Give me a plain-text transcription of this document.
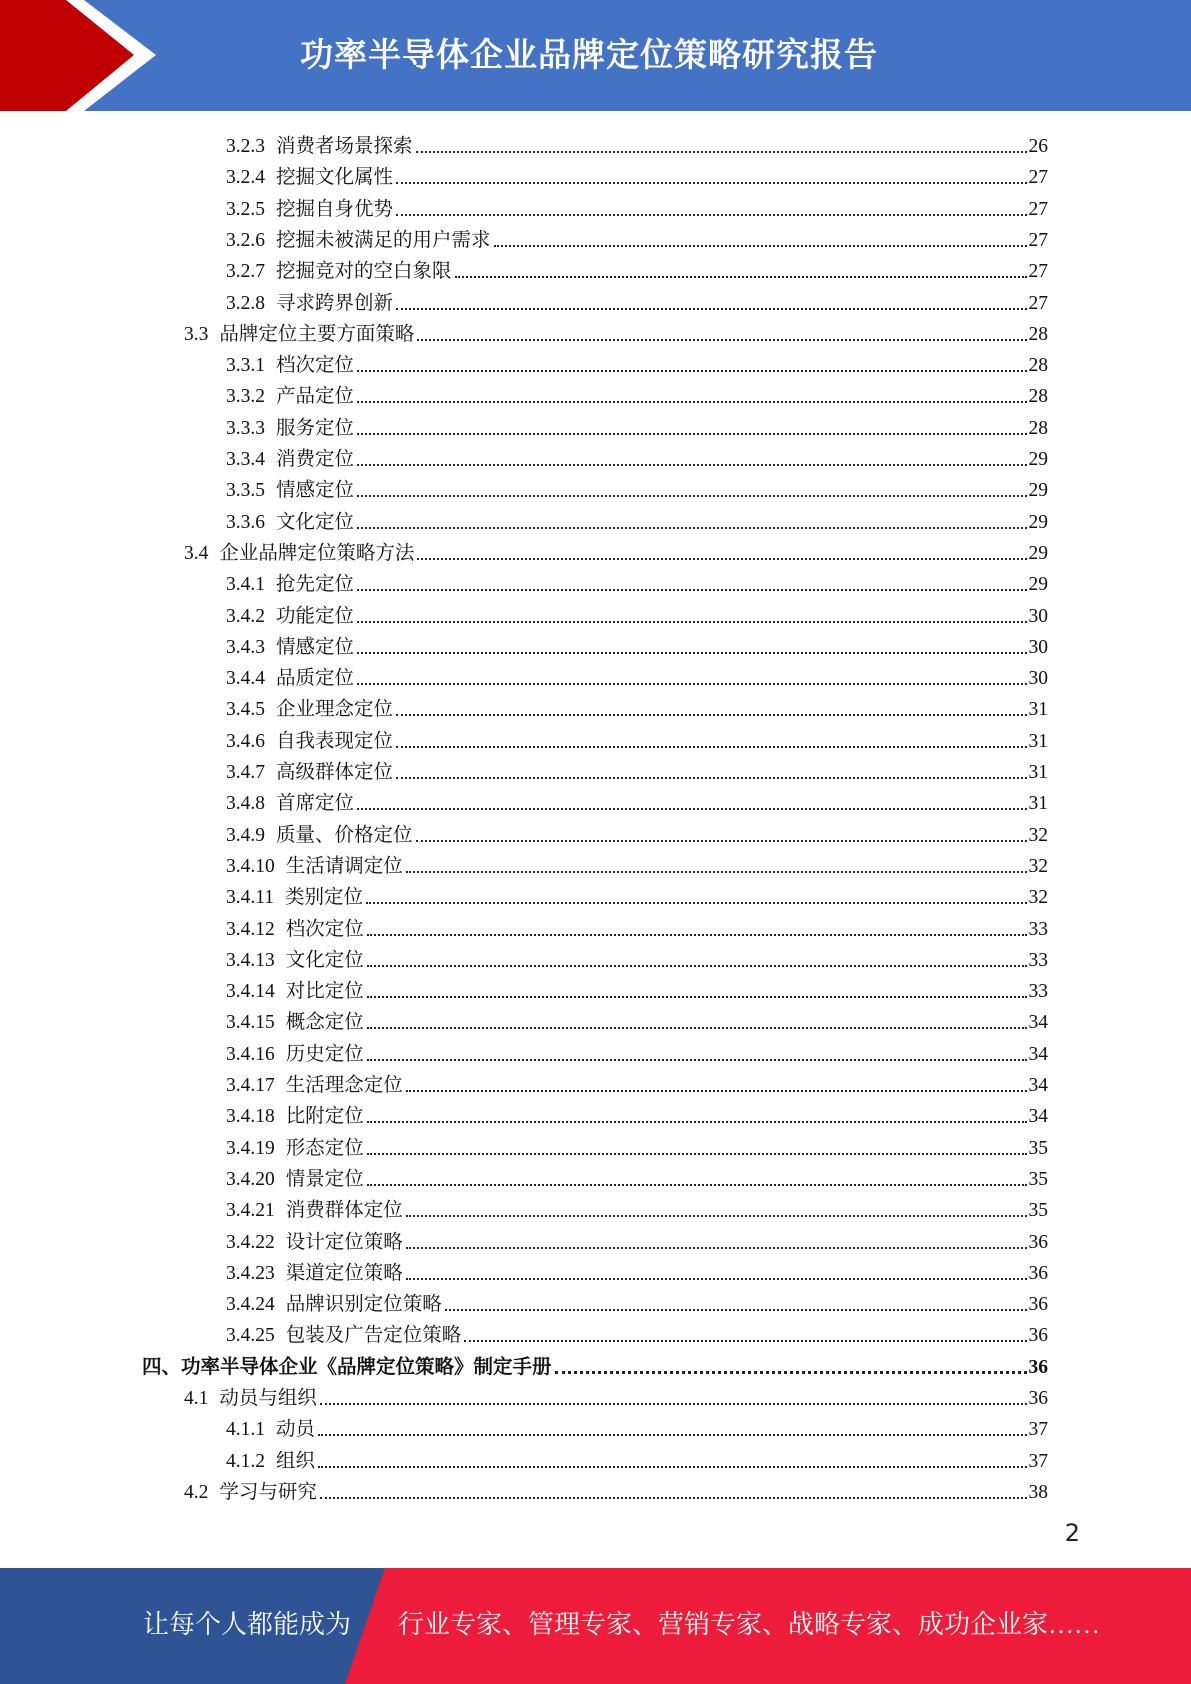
功率半导体企业品牌定位策略研究报告
3.2.3 消费者场景探索	26
3.2.4 挖掘文化属性	27
3.2.5 挖掘自身优势	27
3.2.6 挖掘未被满足的用户需求	27
3.2.7 挖掘竞对的空白象限	27
3.2.8 寻求跨界创新	27
3.3 品牌定位主要方面策略	28
3.3.1 档次定位	28
3.3.2 产品定位	28
3.3.3 服务定位	28
3.3.4 消费定位	29
3.3.5 情感定位	29
3.3.6 文化定位	29
3.4 企业品牌定位策略方法	29
3.4.1 抢先定位	29
3.4.2 功能定位	30
3.4.3 情感定位	30
3.4.4 品质定位	30
3.4.5 企业理念定位	31
3.4.6 自我表现定位	31
3.4.7 高级群体定位	31
3.4.8 首席定位	31
3.4.9 质量、价格定位	32
3.4.10 生活请调定位	32
3.4.11 类别定位	32
3.4.12 档次定位	33
3.4.13 文化定位	33
3.4.14 对比定位	33
3.4.15 概念定位	34
3.4.16 历史定位	34
3.4.17 生活理念定位	34
3.4.18 比附定位	34
3.4.19 形态定位	35
3.4.20 情景定位	35
3.4.21 消费群体定位	35
3.4.22 设计定位策略	36
3.4.23 渠道定位策略	36
3.4.24 品牌识别定位策略	36
3.4.25 包装及广告定位策略	36
四、功率半导体企业《品牌定位策略》制定手册	36
4.1 动员与组织	36
4.1.1 动员	37
4.1.2 组织	37
4.2 学习与研究	38
2
让每个人都能成为 行业专家、管理专家、营销专家、战略专家、成功企业家……
